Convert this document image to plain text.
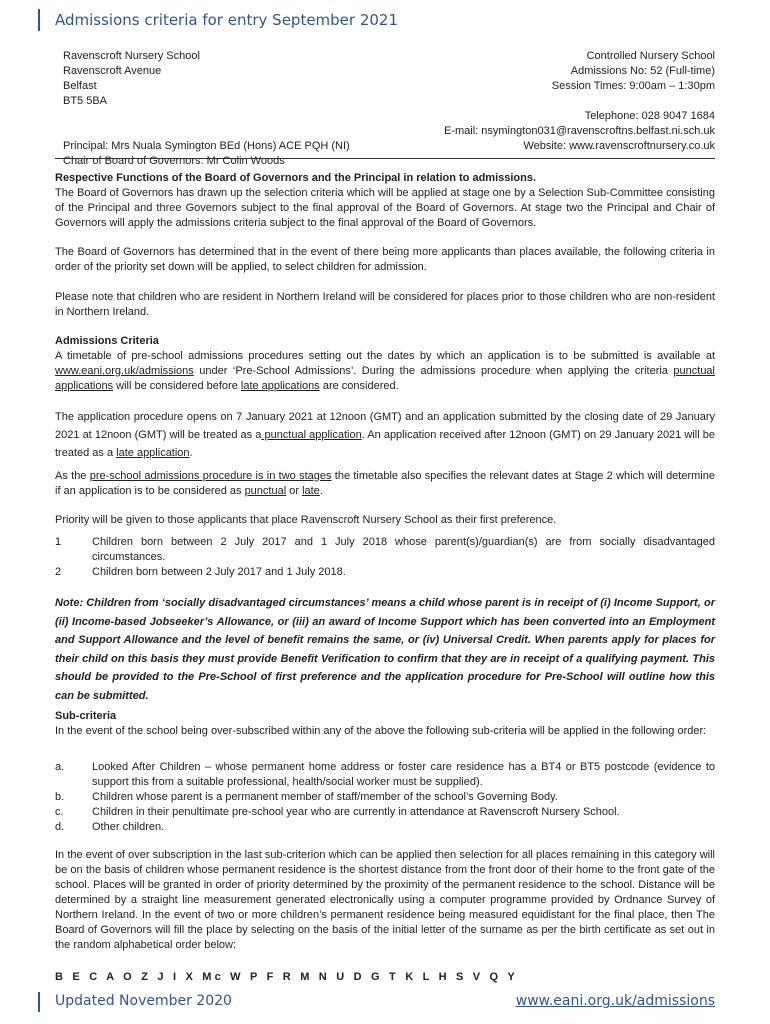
Admissions criteria for entry September 2021
Ravenscroft Nursery School
Ravenscroft Avenue
Belfast
BT5 5BA
Principal: Mrs Nuala Symington BEd (Hons) ACE PQH (NI)
Chair of Board of Governors: Mr Colin Woods
Controlled Nursery School
Admissions No: 52 (Full-time)
Session Times: 9:00am – 1:30pm
Telephone: 028 9047 1684
E-mail: nsymington031@ravenscroftns.belfast.ni.sch.uk
Website: www.ravenscroftnursery.co.uk
Respective Functions of the Board of Governors and the Principal in relation to admissions.
The Board of Governors has drawn up the selection criteria which will be applied at stage one by a Selection Sub-Committee consisting of the Principal and three Governors subject to the final approval of the Board of Governors. At stage two the Principal and Chair of Governors will apply the admissions criteria subject to the final approval of the Board of Governors.
The Board of Governors has determined that in the event of there being more applicants than places available, the following criteria in order of the priority set down will be applied, to select children for admission.
Please note that children who are resident in Northern Ireland will be considered for places prior to those children who are non-resident in Northern Ireland.
Admissions Criteria
A timetable of pre-school admissions procedures setting out the dates by which an application is to be submitted is available at www.eani.org.uk/admissions under ‘Pre-School Admissions’. During the admissions procedure when applying the criteria punctual applications will be considered before late applications are considered.
The application procedure opens on 7 January 2021 at 12noon (GMT) and an application submitted by the closing date of 29 January 2021 at 12noon (GMT) will be treated as a punctual application. An application received after 12noon (GMT) on 29 January 2021 will be treated as a late application.
As the pre-school admissions procedure is in two stages the timetable also specifies the relevant dates at Stage 2 which will determine if an application is to be considered as punctual or late.
Priority will be given to those applicants that place Ravenscroft Nursery School as their first preference.
1	Children born between 2 July 2017 and 1 July 2018 whose parent(s)/guardian(s) are from socially disadvantaged circumstances.
2	Children born between 2 July 2017 and 1 July 2018.
Note: Children from ‘socially disadvantaged circumstances’ means a child whose parent is in receipt of (i) Income Support, or (ii) Income-based Jobseeker’s Allowance, or (iii) an award of Income Support which has been converted into an Employment and Support Allowance and the level of benefit remains the same, or (iv) Universal Credit. When parents apply for places for their child on this basis they must provide Benefit Verification to confirm that they are in receipt of a qualifying payment. This should be provided to the Pre-School of first preference and the application procedure for Pre-School will outline how this can be submitted.
Sub-criteria
In the event of the school being over-subscribed within any of the above the following sub-criteria will be applied in the following order:
a.	Looked After Children – whose permanent home address or foster care residence has a BT4 or BT5 postcode (evidence to support this from a suitable professional, health/social worker must be supplied).
b.	Children whose parent is a permanent member of staff/member of the school’s Governing Body.
c.	Children in their penultimate pre-school year who are currently in attendance at Ravenscroft Nursery School.
d.	Other children.
In the event of over subscription in the last sub-criterion which can be applied then selection for all places remaining in this category will be on the basis of children whose permanent residence is the shortest distance from the front door of their home to the front gate of the school. Places will be granted in order of priority determined by the proximity of the permanent residence to the school. Distance will be determined by a straight line measurement generated electronically using a computer programme provided by Ordnance Survey of Northern Ireland. In the event of two or more children’s permanent residence being measured equidistant for the final place, then The Board of Governors will fill the place by selecting on the basis of the initial letter of the surname as per the birth certificate as set out in the random alphabetical order below:
B E C A O Z J I X Mc W P F R M N U D G T K L H S V Q Y
Updated November 2020	www.eani.org.uk/admissions
